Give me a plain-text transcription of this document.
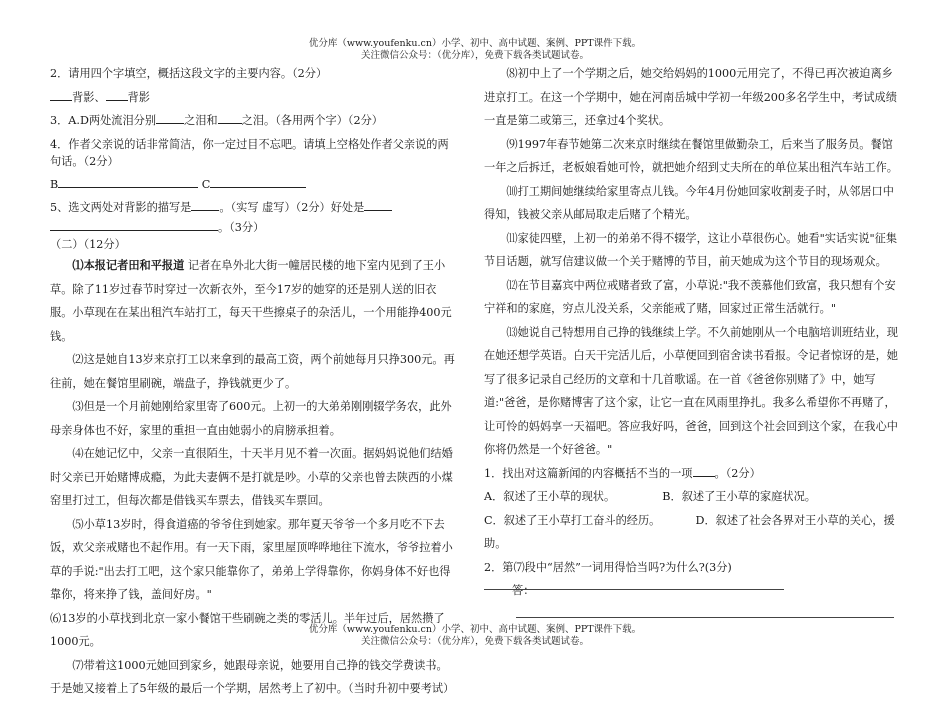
优分库（www.youfenku.cn）小学、初中、高中试题、案例、PPT课件下载。
关注微信公众号：（优分库），免费下载各类试题试卷。

2．请用四个字填空，概括这段文字的主要内容。（2分）

背影、 背影

3．A.D两处流泪分别	之泪和 之泪。（各用两个字）（2分）

4．作者父亲说的话非常简洁，你一定过目不忘吧。请填上空格处作者父亲说的两句话。（2分）

B	C

5、选文两处对背影的描写是	。（实写 虚写）（2分）好处是
。（3分）

（二）（12分）

⑴本报记者田和平报道 记者在阜外北大街一幢居民楼的地下室内见到了王小草。除了11岁过春节时穿过一次新衣外，至今17岁的她穿的还是别人送的旧衣服。小草现在在某出租汽车站打工，每天干些擦桌子的杂活儿，一个用能挣400元钱。

⑵这是她自13岁来京打工以来拿到的最高工资，两个前她每月只挣300元。再往前，她在餐馆里刷碗，端盘子，挣钱就更少了。

⑶但是一个月前她刚给家里寄了600元。上初一的大弟弟刚刚辍学务农，此外母亲身体也不好，家里的重担一直由她弱小的肩膀承担着。

⑷在她记忆中，父亲一直很陌生，十天半月见不着一次面。据妈妈说他们结婚时父亲已开始赌博成瘾，为此夫妻俩不是打就是吵。小草的父亲也曾去陕西的小煤窑里打过工，但每次都是借钱买车票去，借钱买车票回。

⑸小草13岁时，得食道癌的爷爷住到她家。那年夏天爷爷一个多月吃不下去饭，欢父亲戒赌也不起作用。有一天下雨，家里屋顶哗哗地往下流水，爷爷拉着小草的手说:"出去打工吧，这个家只能靠你了，弟弟上学得靠你，你妈身体不好也得靠你，将来挣了钱，盖间好房。"

⑹13岁的小草找到北京一家小餐馆干些刷碗之类的零活儿。半年过后，居然攒了1000元。

⑺带着这1000元她回到家乡，她跟母亲说，她要用自己挣的钱交学费读书。于是她又接着上了5年级的最后一个学期，居然考上了初中。（当时升初中要考试）

⑻初中上了一个学期之后，她交给妈妈的1000元用完了，不得已再次被迫离乡进京打工。在这一个学期中，她在河南岳城中学初一年级200多名学生中，考试成绩一直是第二或第三，还拿过4个奖状。

⑼1997年春节她第二次来京时继续在餐馆里做勤杂工，后来当了服务员。餐馆一年之后拆迁，老板娘看她可怜，就把她介绍到丈夫所在的单位某出租汽车站工作。

⑽打工期间她继续给家里寄点儿钱。今年4月份她回家收割麦子时，从邻居口中得知，钱被父亲从邮局取走后赌了个精光。

⑾家徒四壁，上初一的弟弟不得不辍学，这让小草很伤心。她看"实话实说"征集节目话题，就写信建议做一个关于赌博的节目，前天她成为这个节目的现场观众。

⑿在节目嘉宾中两位戒赌者致了富，小草说:"我不羡慕他们致富，我只想有个安宁祥和的家庭，穷点儿没关系，父亲能戒了赌，回家过正常生活就行。"

⒀她说自己特想用自己挣的钱继续上学。不久前她刚从一个电脑培训班结业，现在她还想学英语。白天干完活儿后，小草便回到宿舍读书看报。令记者惊讶的是，她写了很多记录自己经历的文章和十几首歌谣。在一首《爸爸你别赌了》中，她写道:"爸爸，是你赌博害了这个家，让它一直在风雨里挣扎。我多么希望你不再赌了，让可怜的妈妈享一天福吧。答应我好吗，爸爸，回到这个社会回到这个家，在我心中你将仍然是一个好爸爸。"

1．找出对这篇新闻的内容概括不当的一项 。（2分）

A．叙述了王小草的现状。	B．叙述了王小草的家庭状况。

C．叙述了王小草打工奋斗的经历。	D．叙述了社会各界对王小草的关心，援助。

2．第⑺段中“居然”一词用得恰当吗?为什么?(3分)

答：

优分库（www.youfenku.cn）小学、初中、高中试题、案例、PPT课件下载。
关注微信公众号：（优分库），免费下载各类试题试卷。
